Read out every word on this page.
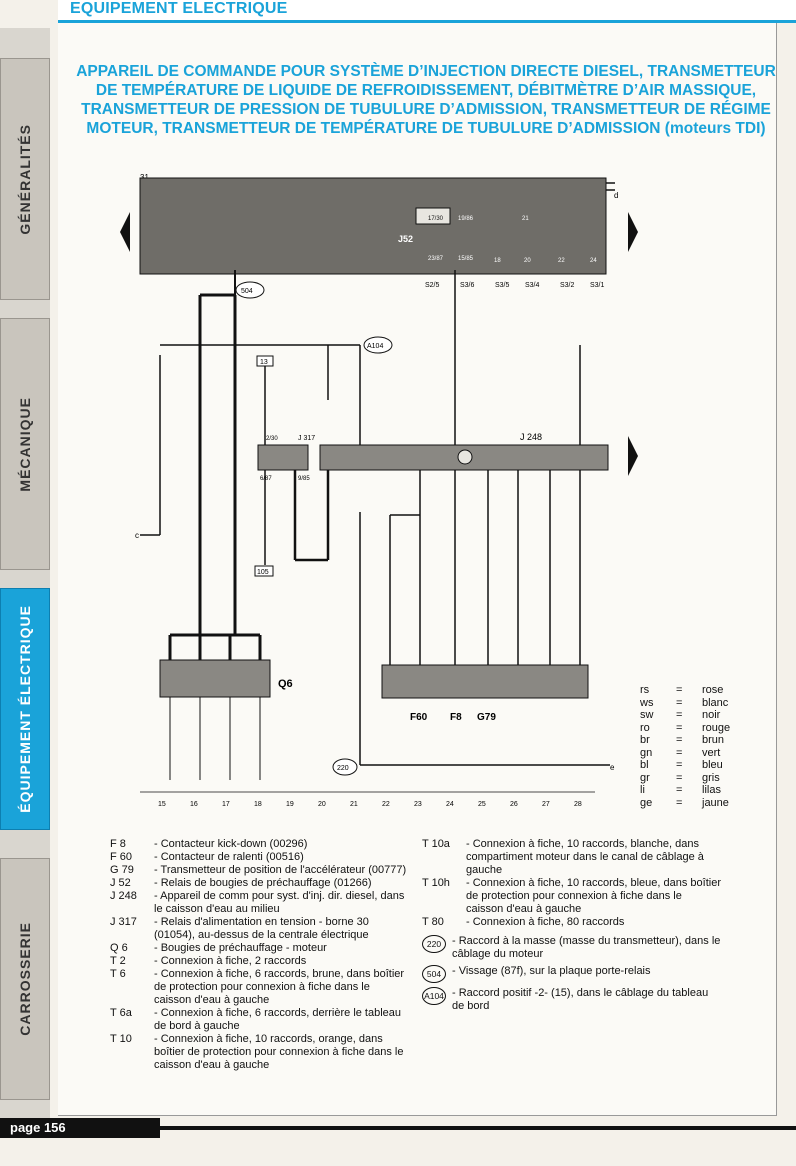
EQUIPEMENT ELECTRIQUE
GÉNÉRALITÉS
MÉCANIQUE
ÉQUIPEMENT ÉLECTRIQUE
CARROSSERIE
APPAREIL DE COMMANDE POUR SYSTÈME D’INJECTION DIRECTE DIESEL, TRANSMETTEUR
DE TEMPÉRATURE DE LIQUIDE DE REFROIDISSEMENT, DÉBITMÈTRE D’AIR MASSIQUE,
TRANSMETTEUR DE PRESSION DE TUBULURE D’ADMISSION, TRANSMETTEUR DE RÉGIME
MOTEUR, TRANSMETTEUR DE TEMPÉRATURE DE TUBULURE D’ADMISSION (moteurs TDI)
d
J52
17/30 19/86
23/87 15/85
21
18	20	22	24
S2/5	S3/6	S3/5 S3/4	S3/2 S3/1
c
e
J 317
2/30
6/87	9/85
J 248
F60 F8 G79
Q6
504
A104
220
13
105
15	16	17	18	19	20	21	22	23	24	25	26	27	28
rs	=	rose
ws	=	blanc
sw	=	noir
ro	=	rouge
br	=	brun
gn	=	vert
bl	=	bleu
gr	=	gris
li	=	lilas
ge	=	jaune
F 8	- Contacteur kick-down (00296)
F 60	- Contacteur de ralenti (00516)
G 79	- Transmetteur de position de l'accélérateur (00777)
J 52	- Relais de bougies de préchauffage (01266)
J 248	- Appareil de comm pour syst. d'inj. dir. diesel, dans le caisson d'eau au milieu
J 317	- Relais d'alimentation en tension - borne 30 (01054), au-dessus de la centrale électrique
Q 6	- Bougies de préchauffage - moteur
T 2	- Connexion à fiche, 2 raccords
T 6	- Connexion à fiche, 6 raccords, brune, dans boîtier de protection pour connexion à fiche dans le caisson d'eau à gauche
T 6a	- Connexion à fiche, 6 raccords, derrière le tableau de bord à gauche
T 10	- Connexion à fiche, 10 raccords, orange, dans boîtier de protection pour connexion à fiche dans le caisson d'eau à gauche
T 10a	- Connexion à fiche, 10 raccords, blanche, dans compartiment moteur dans le canal de câblage à gauche
T 10h	- Connexion à fiche, 10 raccords, bleue, dans boîtier de protection pour connexion à fiche dans le caisson d'eau à gauche
T 80	- Connexion à fiche, 80 raccords
220 - Raccord à la masse (masse du transmetteur), dans le câblage du moteur
504 - Vissage (87f), sur la plaque porte-relais
A104 - Raccord positif -2- (15), dans le câblage du tableau de bord
page 156
